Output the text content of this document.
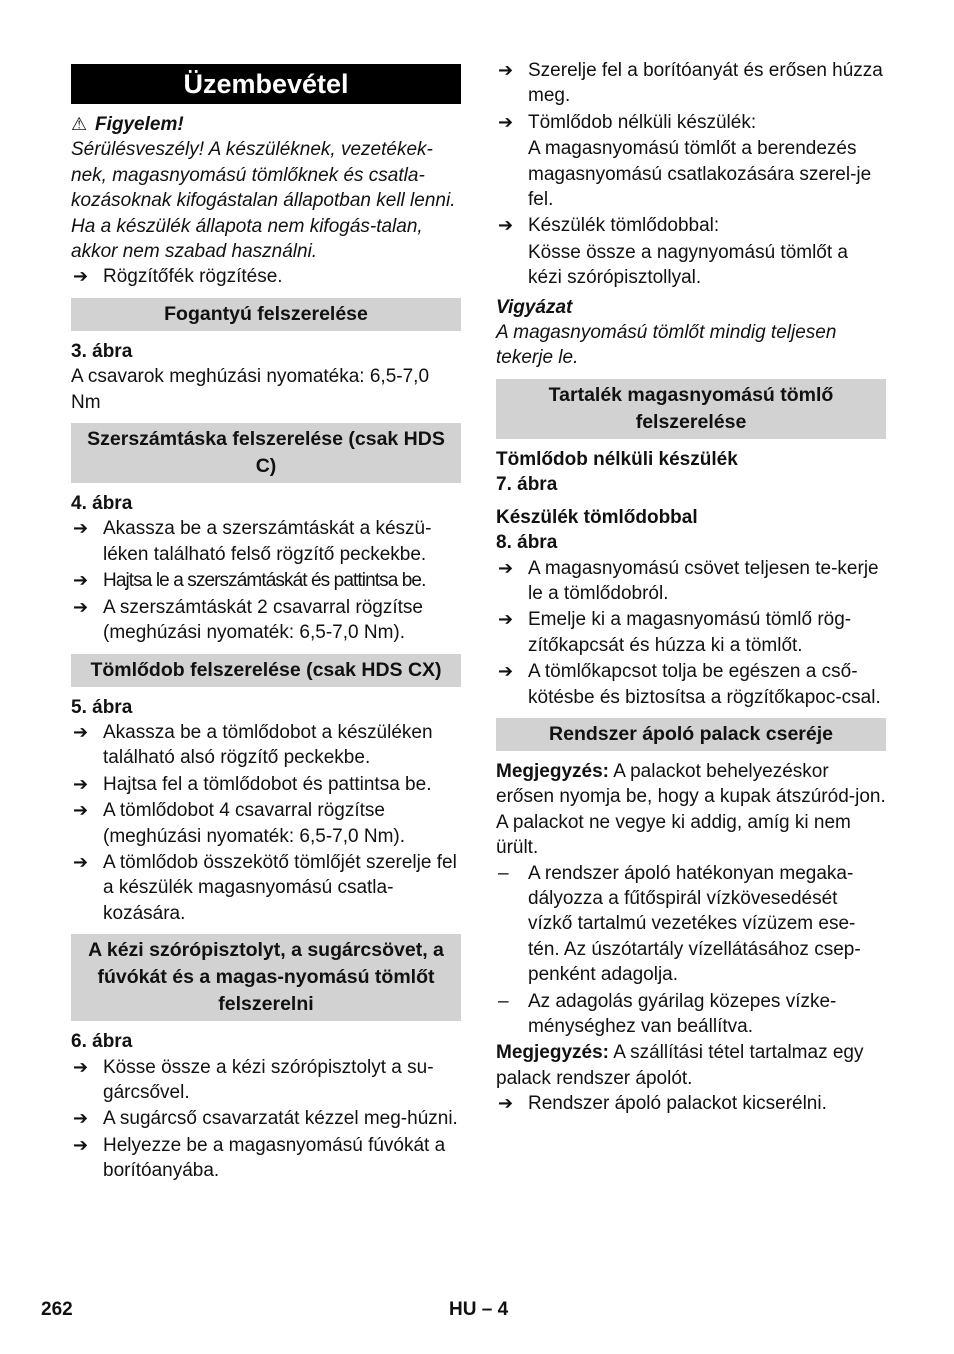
Üzembevétel
⚠ Figyelem!

Sérülésveszély! A készüléknek, vezetékek-nek, magasnyomású tömlőknek és csatla-kozásoknak kifogástalan állapotban kell lenni. Ha a készülék állapota nem kifogás-talan, akkor nem szabad használni.

➔ Rögzítőfék rögzítése.
Fogantyú felszerelése

3. ábra

A csavarok meghúzási nyomatéka: 6,5-7,0 Nm

Szerszámtáska felszerelése (csak HDS C)

4. ábra

➔ Akassza be a szerszámtáskát a készü-léken található felső rögzítő peckekbe.
➔ Hajtsa le a szerszámtáskát és pattintsa be.
➔ A szerszámtáskát 2 csavarral rögzítse (meghúzási nyomaték: 6,5-7,0 Nm).
Tömlődob felszerelése (csak HDS CX)

5. ábra

➔ Akassza be a tömlődobot a készüléken található alsó rögzítő peckekbe.
➔ Hajtsa fel a tömlődobot és pattintsa be.
➔ A tömlődobot 4 csavarral rögzítse (meghúzási nyomaték: 6,5-7,0 Nm).
➔ A tömlődob összekötő tömlőjét szerelje fel a készülék magasnyomású csatla-kozására.
A kézi szórópisztolyt, a sugárcsövet, a fúvókát és a magas-nyomású tömlőt felszerelni

6. ábra

➔ Kösse össze a kézi szórópisztolyt a su-gárcsővel.
➔ A sugárcső csavarzatát kézzel meg-húzni.
➔ Helyezze be a magasnyomású fúvókát a borítóanyába.
➔ Szerelje fel a borítóanyát és erősen húzza meg.
➔ Tömlődob nélküli készülék:
A magasnyomású tömlőt a berendezés magasnyomású csatlakozására szerel-je fel.
➔ Készülék tömlődobbal:
Kösse össze a nagynyomású tömlőt a kézi szórópisztollyal.
Vigyázat

A magasnyomású tömlőt mindig teljesen tekerje le.

Tartalék magasnyomású tömlő felszerelése

Tömlődob nélküli készülék

7. ábra

Készülék tömlődobbal

8. ábra

➔ A magasnyomású csövet teljesen te-kerje le a tömlődobról.
➔ Emelje ki a magasnyomású tömlő rög-zítőkapcsát és húzza ki a tömlőt.
➔ A tömlőkapcsot tolja be egészen a cső-kötésbe és biztosítsa a rögzítőkapoc-csal.
Rendszer ápoló palack cseréje

Megjegyzés: A palackot behelyezéskor erősen nyomja be, hogy a kupak átszúród-jon. A palackot ne vegye ki addig, amíg ki nem ürült.

– A rendszer ápoló hatékonyan megaka-dályozza a fűtőspirál vízkövesedését vízkő tartalmú vezetékes vízüzem ese-tén. Az úszótartály vízellátásához csep-penként adagolja.
– Az adagolás gyárilag közepes vízke-ménységhez van beállítva.

Megjegyzés: A szállítási tétel tartalmaz egy palack rendszer ápolót.

➔ Rendszer ápoló palackot kicserélni.
262	HU – 4
